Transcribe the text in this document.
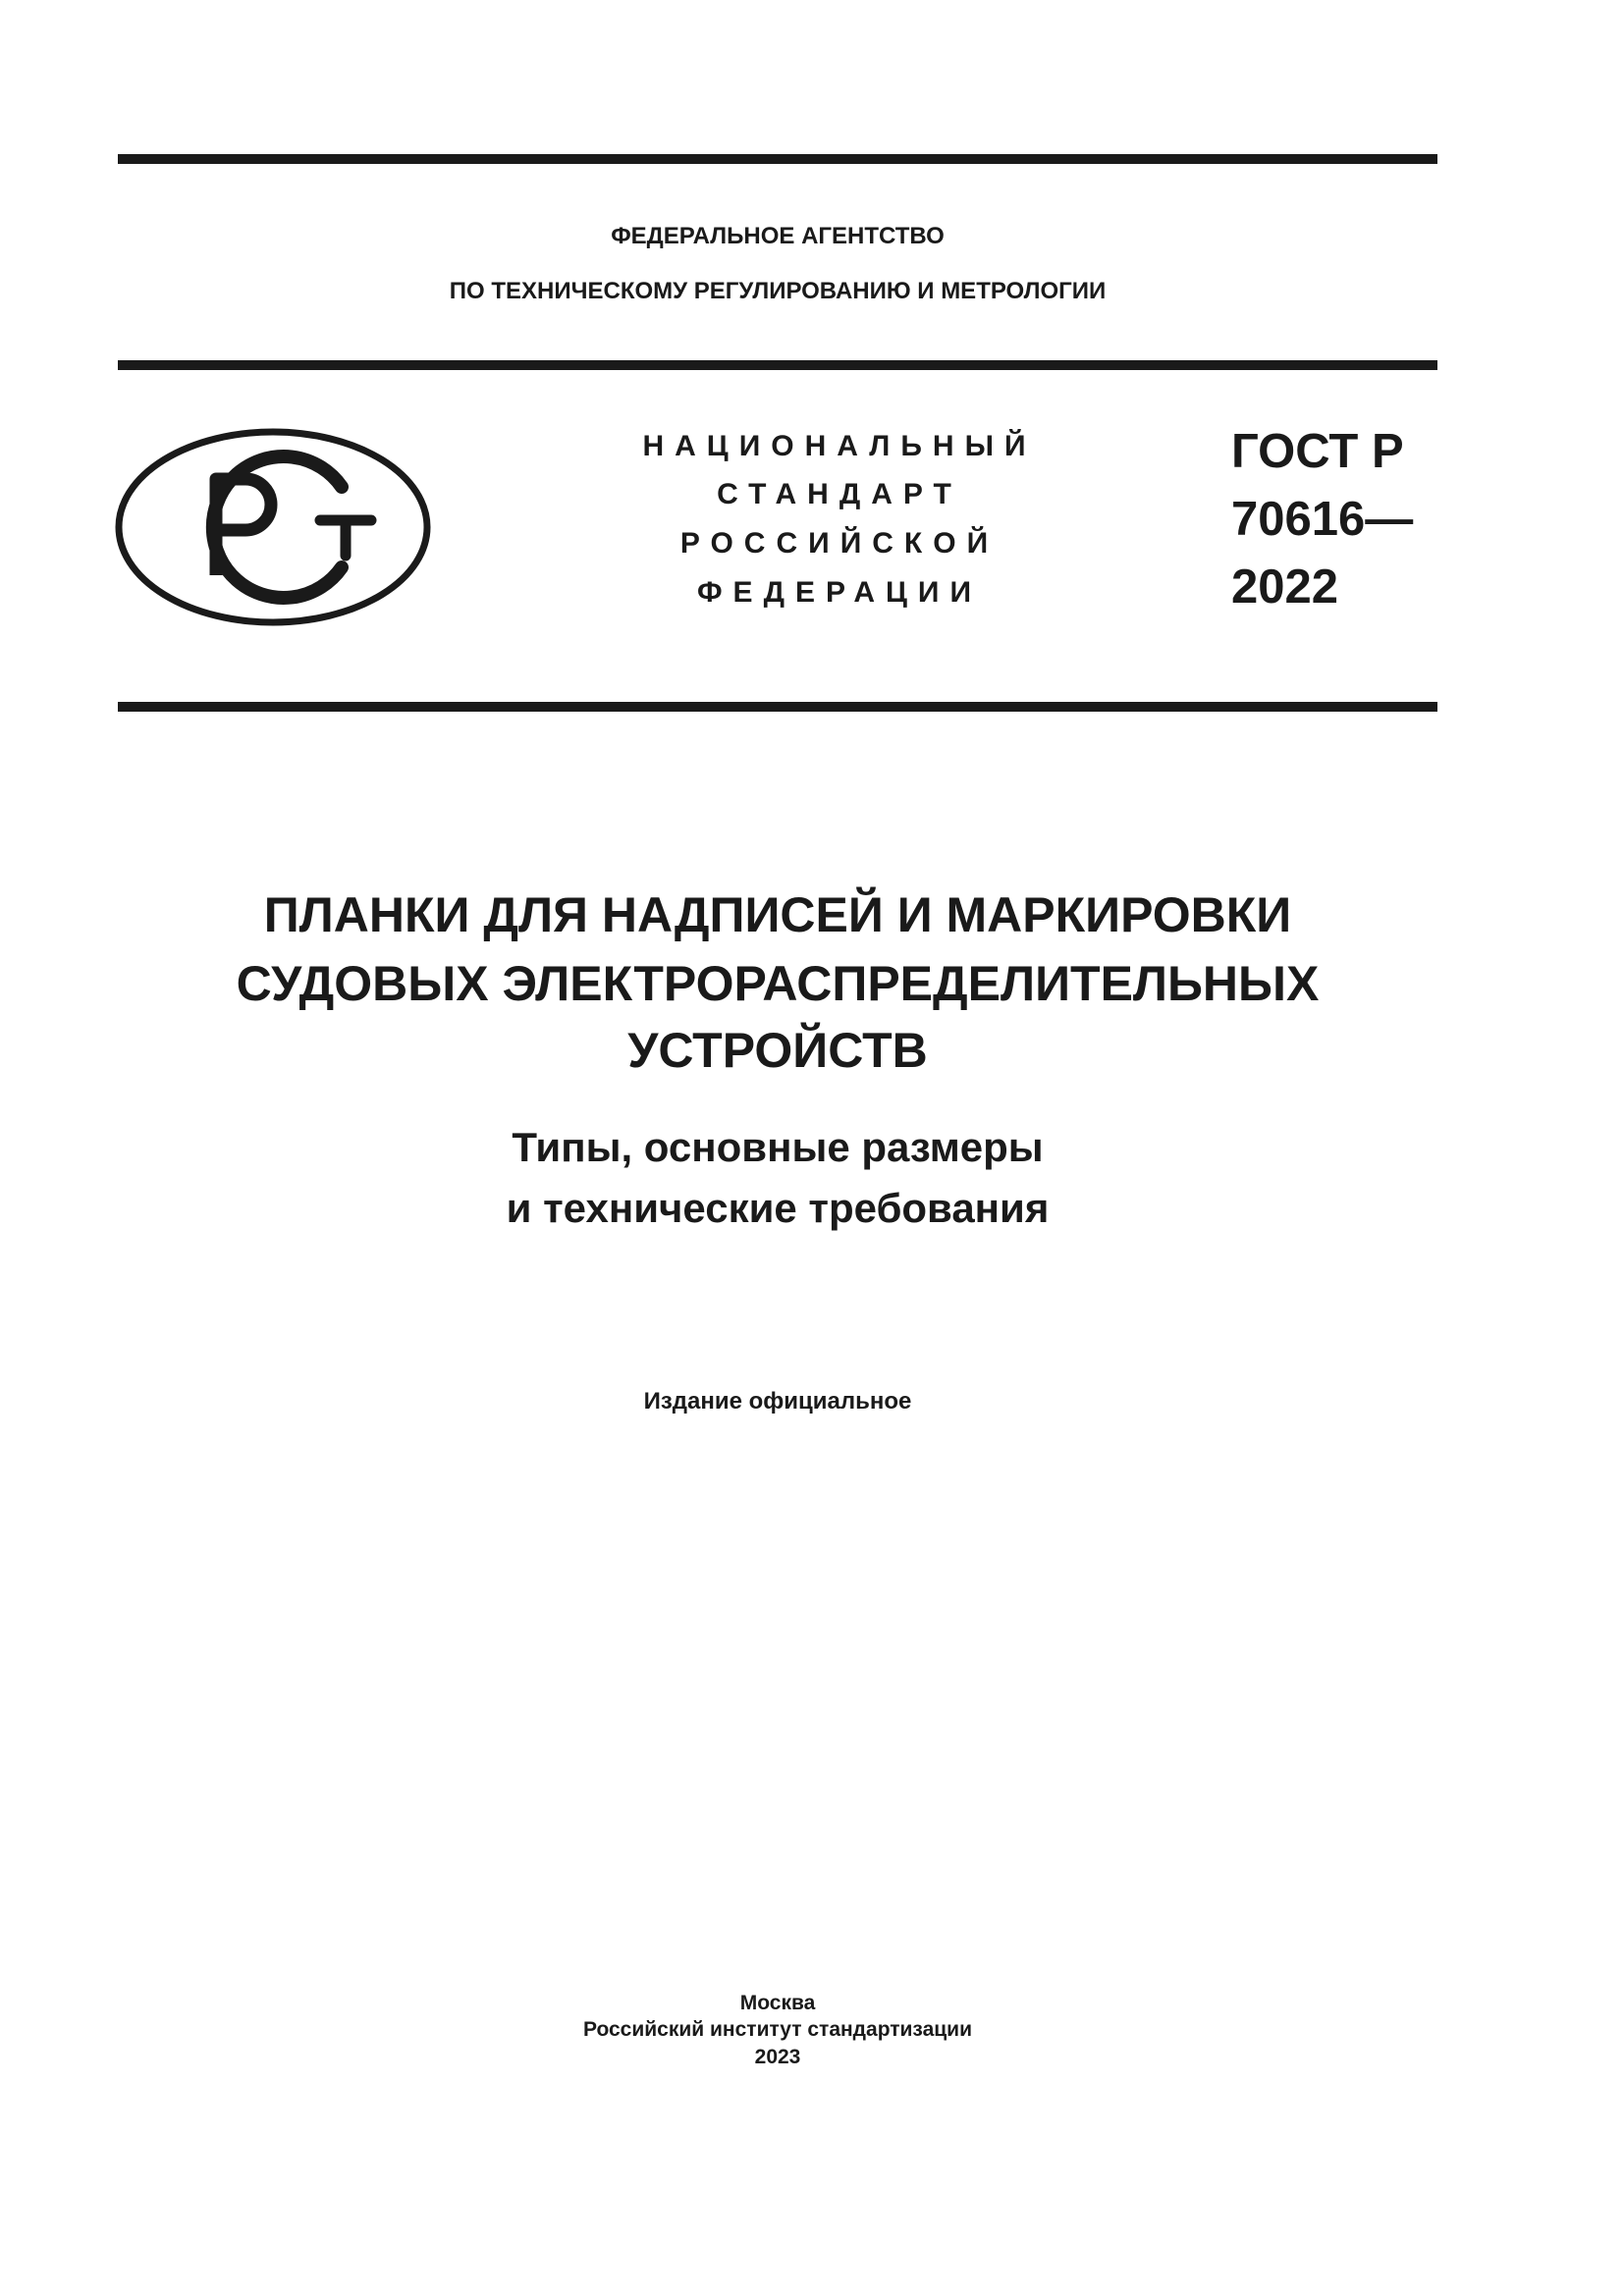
ФЕДЕРАЛЬНОЕ АГЕНТСТВО
ПО ТЕХНИЧЕСКОМУ РЕГУЛИРОВАНИЮ И МЕТРОЛОГИИ
НАЦИОНАЛЬНЫЙ
СТАНДАРТ
РОССИЙСКОЙ
ФЕДЕРАЦИИ
ГОСТ Р
70616—
2022
ПЛАНКИ ДЛЯ НАДПИСЕЙ И МАРКИРОВКИ
СУДОВЫХ ЭЛЕКТРОРАСПРЕДЕЛИТЕЛЬНЫХ
УСТРОЙСТВ
Типы, основные размеры
и технические требования
Издание официальное
Москва
Российский институт стандартизации
2023
